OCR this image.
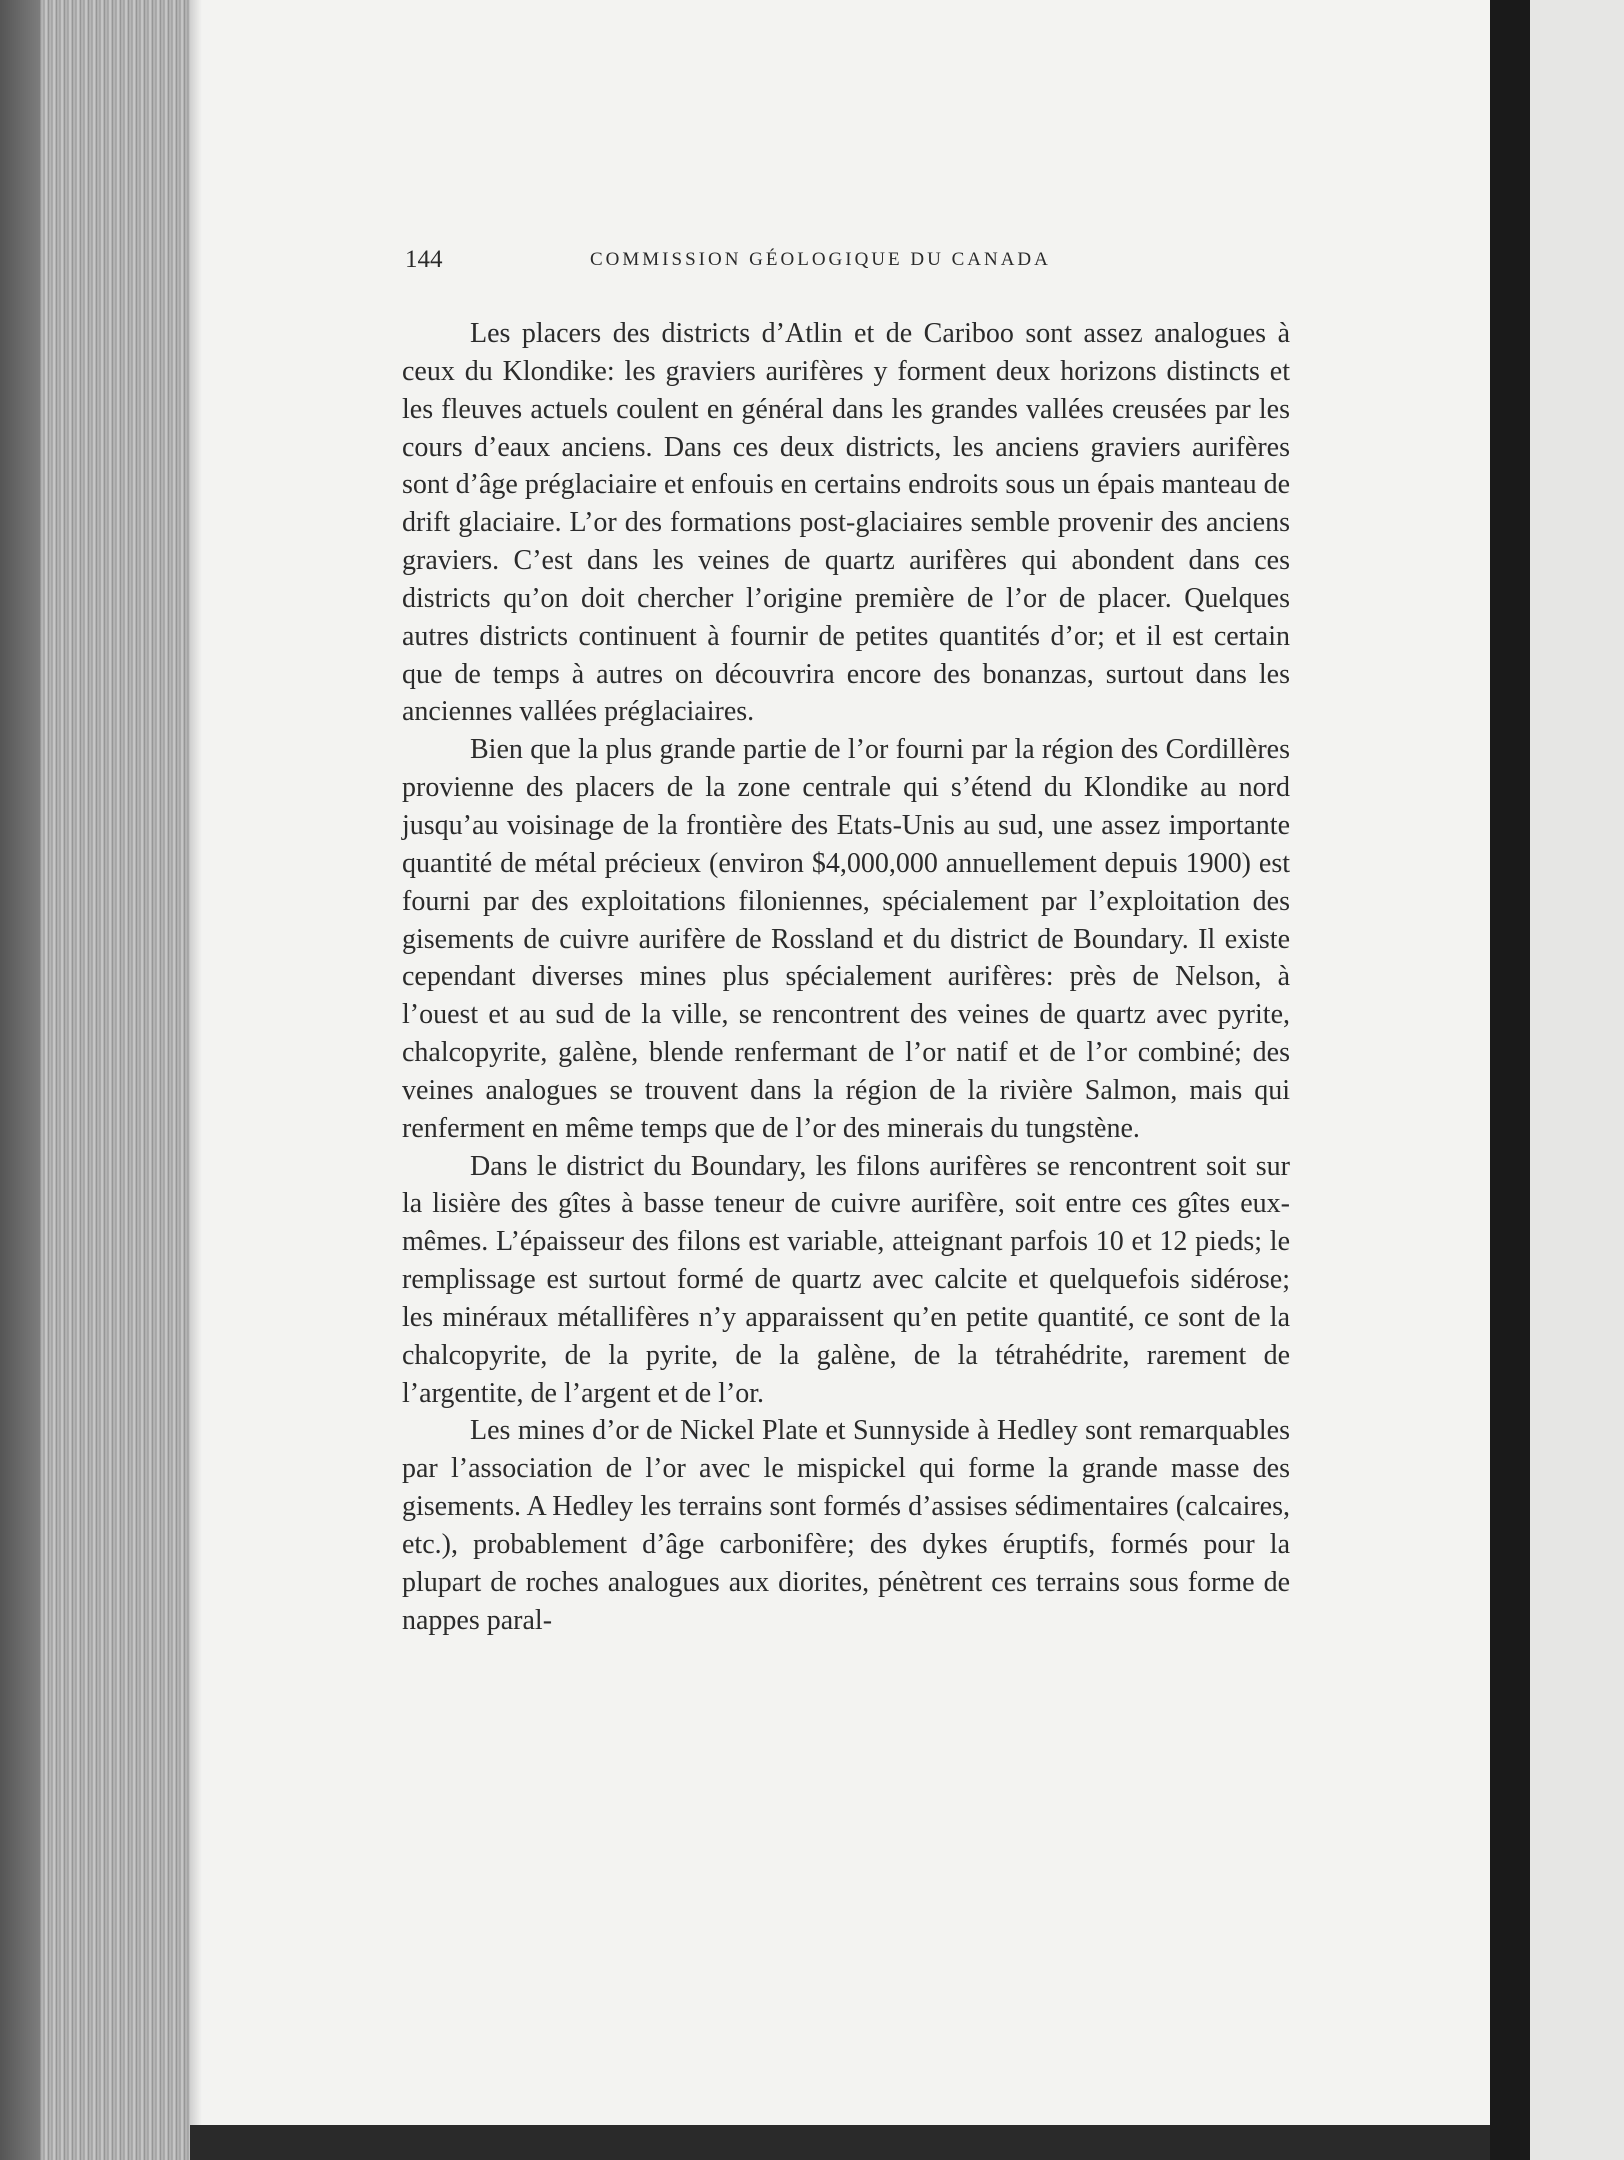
144	COMMISSION GÉOLOGIQUE DU CANADA

Les placers des districts d’Atlin et de Cariboo sont assez analogues à ceux du Klondike: les graviers aurifères y forment deux horizons distincts et les fleuves actuels coulent en général dans les grandes vallées creusées par les cours d’eaux anciens. Dans ces deux districts, les anciens graviers aurifères sont d’âge préglaciaire et enfouis en certains endroits sous un épais manteau de drift glaciaire. L’or des formations post-glaciaires semble provenir des anciens graviers. C’est dans les veines de quartz aurifères qui abondent dans ces districts qu’on doit chercher l’origine première de l’or de placer. Quelques autres districts continuent à fournir de petites quantités d’or; et il est certain que de temps à autres on découvrira encore des bonanzas, surtout dans les anciennes vallées préglaciaires.

Bien que la plus grande partie de l’or fourni par la région des Cordillères provienne des placers de la zone centrale qui s’étend du Klondike au nord jusqu’au voisinage de la frontière des Etats-Unis au sud, une assez importante quantité de métal précieux (environ $4,000,000 annuellement depuis 1900) est fourni par des exploitations filoniennes, spécialement par l’exploitation des gisements de cuivre aurifère de Rossland et du district de Boundary. Il existe cependant diverses mines plus spécialement aurifères: près de Nelson, à l’ouest et au sud de la ville, se rencontrent des veines de quartz avec pyrite, chalcopyrite, galène, blende renfermant de l’or natif et de l’or combiné; des veines analogues se trouvent dans la région de la rivière Salmon, mais qui renferment en même temps que de l’or des minerais du tungstène.

Dans le district du Boundary, les filons aurifères se rencontrent soit sur la lisière des gîtes à basse teneur de cuivre aurifère, soit entre ces gîtes eux-mêmes. L’épaisseur des filons est variable, atteignant parfois 10 et 12 pieds; le remplissage est surtout formé de quartz avec calcite et quelquefois sidérose; les minéraux métallifères n’y apparaissent qu’en petite quantité, ce sont de la chalcopyrite, de la pyrite, de la galène, de la tétrahédrite, rarement de l’argentite, de l’argent et de l’or.

Les mines d’or de Nickel Plate et Sunnyside à Hedley sont remarquables par l’association de l’or avec le mispickel qui forme la grande masse des gisements. A Hedley les terrains sont formés d’assises sédimentaires (calcaires, etc.), probablement d’âge carbonifère; des dykes éruptifs, formés pour la plupart de roches analogues aux diorites, pénètrent ces terrains sous forme de nappes paral-
